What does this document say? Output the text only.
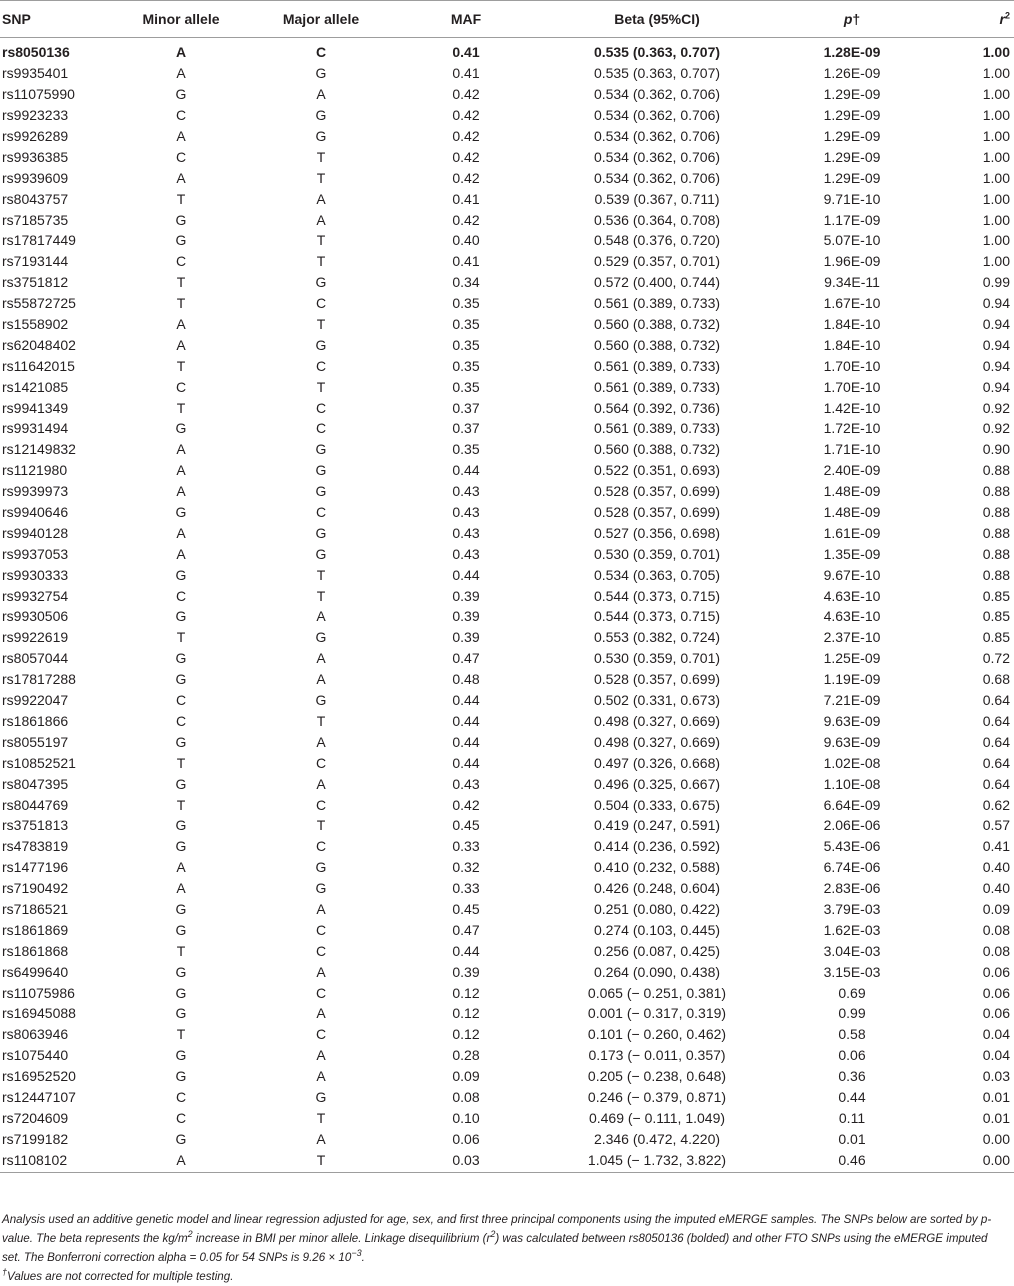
SNP	Minor allele	Major allele	MAF	Beta (95%CI)	p†	$r^2$
rs8050136	A	C	0.41	0.535 (0.363, 0.707)	1.28E-09	1.00
rs9935401	A	G	0.41	0.535 (0.363, 0.707)	1.26E-09	1.00
rs11075990	G	A	0.42	0.534 (0.362, 0.706)	1.29E-09	1.00
rs9923233	C	G	0.42	0.534 (0.362, 0.706)	1.29E-09	1.00
rs9926289	A	G	0.42	0.534 (0.362, 0.706)	1.29E-09	1.00
rs9936385	C	T	0.42	0.534 (0.362, 0.706)	1.29E-09	1.00
rs9939609	A	T	0.42	0.534 (0.362, 0.706)	1.29E-09	1.00
rs8043757	T	A	0.41	0.539 (0.367, 0.711)	9.71E-10	1.00
rs7185735	G	A	0.42	0.536 (0.364, 0.708)	1.17E-09	1.00
rs17817449	G	T	0.40	0.548 (0.376, 0.720)	5.07E-10	1.00
rs7193144	C	T	0.41	0.529 (0.357, 0.701)	1.96E-09	1.00
rs3751812	T	G	0.34	0.572 (0.400, 0.744)	9.34E-11	0.99
rs55872725	T	C	0.35	0.561 (0.389, 0.733)	1.67E-10	0.94
rs1558902	A	T	0.35	0.560 (0.388, 0.732)	1.84E-10	0.94
rs62048402	A	G	0.35	0.560 (0.388, 0.732)	1.84E-10	0.94
rs11642015	T	C	0.35	0.561 (0.389, 0.733)	1.70E-10	0.94
rs1421085	C	T	0.35	0.561 (0.389, 0.733)	1.70E-10	0.94
rs9941349	T	C	0.37	0.564 (0.392, 0.736)	1.42E-10	0.92
rs9931494	G	C	0.37	0.561 (0.389, 0.733)	1.72E-10	0.92
rs12149832	A	G	0.35	0.560 (0.388, 0.732)	1.71E-10	0.90
rs1121980	A	G	0.44	0.522 (0.351, 0.693)	2.40E-09	0.88
rs9939973	A	G	0.43	0.528 (0.357, 0.699)	1.48E-09	0.88
rs9940646	G	C	0.43	0.528 (0.357, 0.699)	1.48E-09	0.88
rs9940128	A	G	0.43	0.527 (0.356, 0.698)	1.61E-09	0.88
rs9937053	A	G	0.43	0.530 (0.359, 0.701)	1.35E-09	0.88
rs9930333	G	T	0.44	0.534 (0.363, 0.705)	9.67E-10	0.88
rs9932754	C	T	0.39	0.544 (0.373, 0.715)	4.63E-10	0.85
rs9930506	G	A	0.39	0.544 (0.373, 0.715)	4.63E-10	0.85
rs9922619	T	G	0.39	0.553 (0.382, 0.724)	2.37E-10	0.85
rs8057044	G	A	0.47	0.530 (0.359, 0.701)	1.25E-09	0.72
rs17817288	G	A	0.48	0.528 (0.357, 0.699)	1.19E-09	0.68
rs9922047	C	G	0.44	0.502 (0.331, 0.673)	7.21E-09	0.64
rs1861866	C	T	0.44	0.498 (0.327, 0.669)	9.63E-09	0.64
rs8055197	G	A	0.44	0.498 (0.327, 0.669)	9.63E-09	0.64
rs10852521	T	C	0.44	0.497 (0.326, 0.668)	1.02E-08	0.64
rs8047395	G	A	0.43	0.496 (0.325, 0.667)	1.10E-08	0.64
rs8044769	T	C	0.42	0.504 (0.333, 0.675)	6.64E-09	0.62
rs3751813	G	T	0.45	0.419 (0.247, 0.591)	2.06E-06	0.57
rs4783819	G	C	0.33	0.414 (0.236, 0.592)	5.43E-06	0.41
rs1477196	A	G	0.32	0.410 (0.232, 0.588)	6.74E-06	0.40
rs7190492	A	G	0.33	0.426 (0.248, 0.604)	2.83E-06	0.40
rs7186521	G	A	0.45	0.251 (0.080, 0.422)	3.79E-03	0.09
rs1861869	G	C	0.47	0.274 (0.103, 0.445)	1.62E-03	0.08
rs1861868	T	C	0.44	0.256 (0.087, 0.425)	3.04E-03	0.08
rs6499640	G	A	0.39	0.264 (0.090, 0.438)	3.15E-03	0.06
rs11075986	G	C	0.12	0.065 (− 0.251, 0.381)	0.69	0.06
rs16945088	G	A	0.12	0.001 (− 0.317, 0.319)	0.99	0.06
rs8063946	T	C	0.12	0.101 (− 0.260, 0.462)	0.58	0.04
rs1075440	G	A	0.28	0.173 (− 0.011, 0.357)	0.06	0.04
rs16952520	G	A	0.09	0.205 (− 0.238, 0.648)	0.36	0.03
rs12447107	C	G	0.08	0.246 (− 0.379, 0.871)	0.44	0.01
rs7204609	C	T	0.10	0.469 (− 0.111, 1.049)	0.11	0.01
rs7199182	G	A	0.06	2.346 (0.472, 4.220)	0.01	0.00
rs1108102	A	T	0.03	1.045 (− 1.732, 3.822)	0.46	0.00

Analysis used an additive genetic model and linear regression adjusted for age, sex, and first three principal components using the imputed eMERGE samples. The SNPs below are sorted by p-value. The beta represents the $kg/m^2$ increase in BMI per minor allele. Linkage disequilibrium $(r^2)$ was calculated between rs8050136 (bolded) and other FTO SNPs using the eMERGE imputed set. The Bonferroni correction alpha = 0.05 for 54 SNPs is $9.26 \times 10^{-3}$.

†Values are not corrected for multiple testing.
